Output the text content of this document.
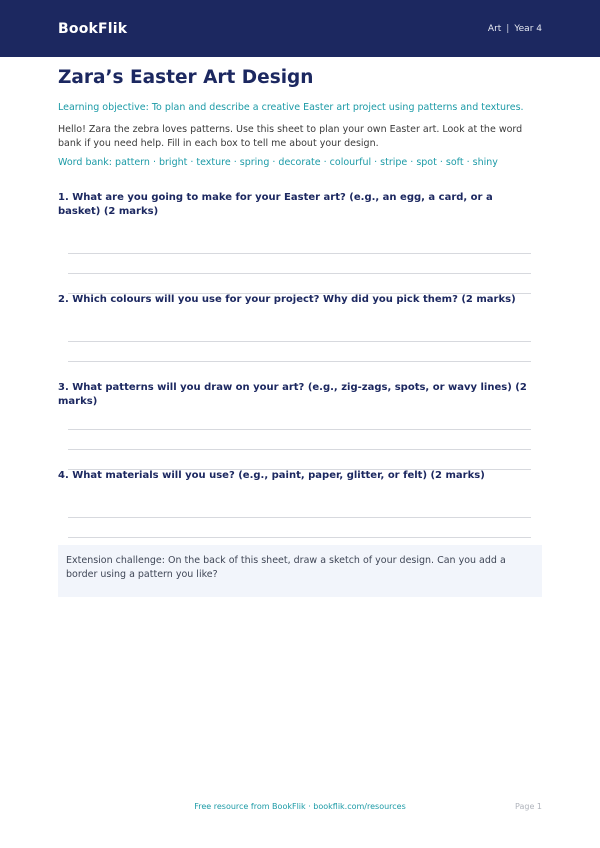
BookFlik	Art | Year 4
Zara’s Easter Art Design
Learning objective: To plan and describe a creative Easter art project using patterns and textures.
Hello! Zara the zebra loves patterns. Use this sheet to plan your own Easter art. Look at the word bank if you need help. Fill in each box to tell me about your design.
Word bank: pattern · bright · texture · spring · decorate · colourful · stripe · spot · soft · shiny
1. What are you going to make for your Easter art? (e.g., an egg, a card, or a basket) (2 marks)
2. Which colours will you use for your project? Why did you pick them? (2 marks)
3. What patterns will you draw on your art? (e.g., zig-zags, spots, or wavy lines) (2 marks)
4. What materials will you use? (e.g., paint, paper, glitter, or felt) (2 marks)
Extension challenge: On the back of this sheet, draw a sketch of your design. Can you add a border using a pattern you like?
Free resource from BookFlik · bookflik.com/resources	Page 1
